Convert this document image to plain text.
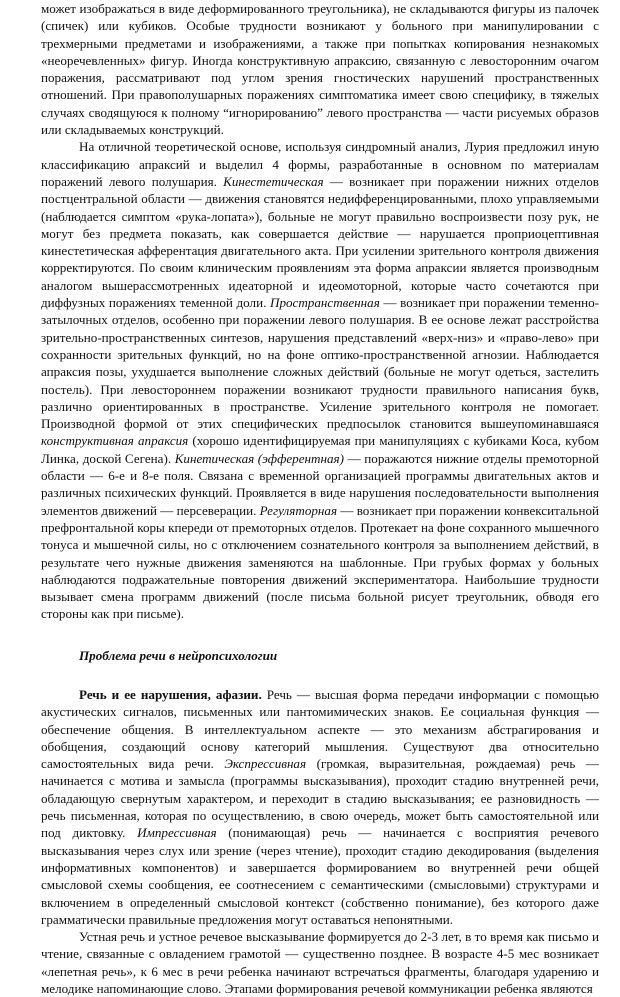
может изображаться в виде деформированного треугольника), не складываются фигуры из палочек (спичек) или кубиков. Особые трудности возникают у больного при манипулировании с трехмерными предметами и изображениями, а также при попытках копирования незнакомых «неоречевленных» фигур. Иногда конструктивную апраксию, связанную с левосторонним очагом поражения, рассматривают под углом зрения гностических нарушений пространственных отношений. При правополушарных поражениях симптоматика имеет свою специфику, в тяжелых случаях сводящуюся к полному “игнорированию” левого пространства — части рисуемых образов или складываемых конструкций.

На отличной теоретической основе, используя синдромный анализ, Лурия предложил иную классификацию апраксий и выделил 4 формы, разработанные в основном по материалам поражений левого полушария. Кинестетическая — возникает при поражении нижних отделов постцентральной области — движения становятся недифференцированными, плохо управляемыми (наблюдается симптом «рука-лопата»), больные не могут правильно воспроизвести позу рук, не могут без предмета показать, как совершается действие — нарушается проприоцептивная кинестетическая афферентация двигательного акта. При усилении зрительного контроля движения корректируются. По своим клиническим проявлениям эта форма апраксии является производным аналогом вышерассмотренных идеаторной и идеомоторной, которые часто сочетаются при диффузных поражениях теменной доли. Пространственная — возникает при поражении теменно-затылочных отделов, особенно при поражении левого полушария. В ее основе лежат расстройства зрительно-пространственных синтезов, нарушения представлений «верх-низ» и «право-лево» при сохранности зрительных функций, но на фоне оптико-пространственной агнозии. Наблюдается апраксия позы, ухудшается выполнение сложных действий (больные не могут одеться, застелить постель). При левостороннем поражении возникают трудности правильного написания букв, различно ориентированных в пространстве. Усиление зрительного контроля не помогает. Производной формой от этих специфических предпосылок становится вышеупоминавшаяся конструктивная апраксия (хорошо идентифицируемая при манипуляциях с кубиками Коса, кубом Линка, доской Сегена). Кинетическая (эфферентная) — поражаются нижние отделы премоторной области — 6-е и 8-е поля. Связана с временной организацией программы двигательных актов и различных психических функций. Проявляется в виде нарушения последовательности выполнения элементов движений — персеверации. Регуляторная — возникает при поражении конвекситальной префронтальной коры кпереди от премоторных отделов. Протекает на фоне сохранного мышечного тонуса и мышечной силы, но с отключением сознательного контроля за выполнением действий, в результате чего нужные движения заменяются на шаблонные. При грубых формах у больных наблюдаются подражательные повторения движений экспериментатора. Наибольшие трудности вызывает смена программ движений (после письма больной рисует треугольник, обводя его стороны как при письме).

Проблема речи в нейропсихологии

Речь и ее нарушения, афазии. Речь — высшая форма передачи информации с помощью акустических сигналов, письменных или пантомимических знаков. Ее социальная функция — обеспечение общения. В интеллектуальном аспекте — это механизм абстрагирования и обобщения, создающий основу категорий мышления. Существуют два относительно самостоятельных вида речи. Экспрессивная (громкая, выразительная, рождаемая) речь — начинается с мотива и замысла (программы высказывания), проходит стадию внутренней речи, обладающую свернутым характером, и переходит в стадию высказывания; ее разновидность — речь письменная, которая по осуществлению, в свою очередь, может быть самостоятельной или под диктовку. Импрессивная (понимающая) речь — начинается с восприятия речевого высказывания через слух или зрение (через чтение), проходит стадию декодирования (выделения информативных компонентов) и завершается формированием во внутренней речи общей смысловой схемы сообщения, ее соотнесением с семантическими (смысловыми) структурами и включением в определенный смысловой контекст (собственно понимание), без которого даже грамматически правильные предложения могут оставаться непонятными.

Устная речь и устное речевое высказывание формируется до 2-3 лет, в то время как письмо и чтение, связанные с овладением грамотой — существенно позднее. В возрасте 4-5 мес возникает «лепетная речь», к 6 мес в речи ребенка начинают встречаться фрагменты, благодаря ударению и мелодике напоминающие слово. Этапами формирования речевой коммуникации ребенка являются
